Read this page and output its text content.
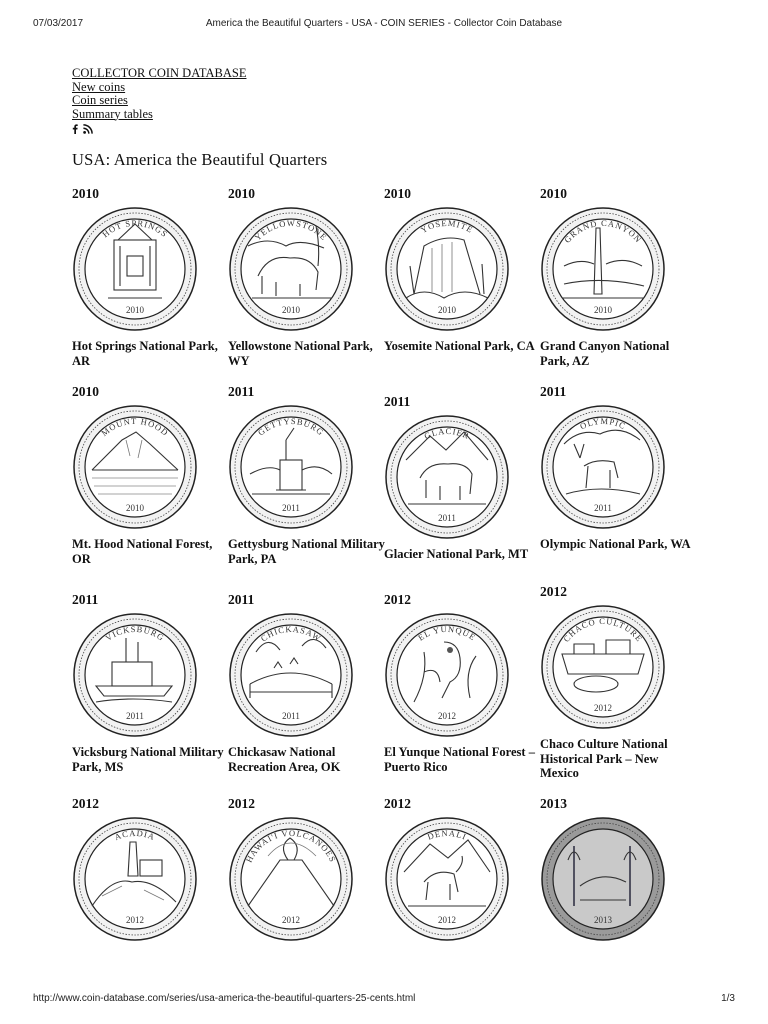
07/03/2017	America the Beautiful Quarters - USA - COIN SERIES - Collector Coin Database
COLLECTOR COIN DATABASE
New coins
Coin series
Summary tables
USA: America the Beautiful Quarters
2010
HOT SPRINGS
2010
Hot Springs National Park, AR
2010
YELLOWSTONE
2010
Yellowstone National Park, WY
2010
YOSEMITE
2010
Yosemite National Park, CA
2010
GRAND CANYON
2010
Grand Canyon National Park, AZ
2010
MOUNT HOOD
2010
Mt. Hood National Forest, OR
2011
GETTYSBURG
2011
Gettysburg National Military Park, PA
2011
GLACIER
2011
Glacier National Park, MT
2011
OLYMPIC
2011
Olympic National Park, WA
2011
VICKSBURG
2011
Vicksburg National Military Park, MS
2011
CHICKASAW
2011
Chickasaw National Recreation Area, OK
2012
EL YUNQUE
2012
El Yunque National Forest – Puerto Rico
2012
CHACO CULTURE
2012
Chaco Culture National Historical Park – New Mexico
2012
ACADIA
2012
2012
HAWAI'I VOLCANOES
2012
2012
DENALI
2012
2013
2013
http://www.coin-database.com/series/usa-america-the-beautiful-quarters-25-cents.html	1/3
